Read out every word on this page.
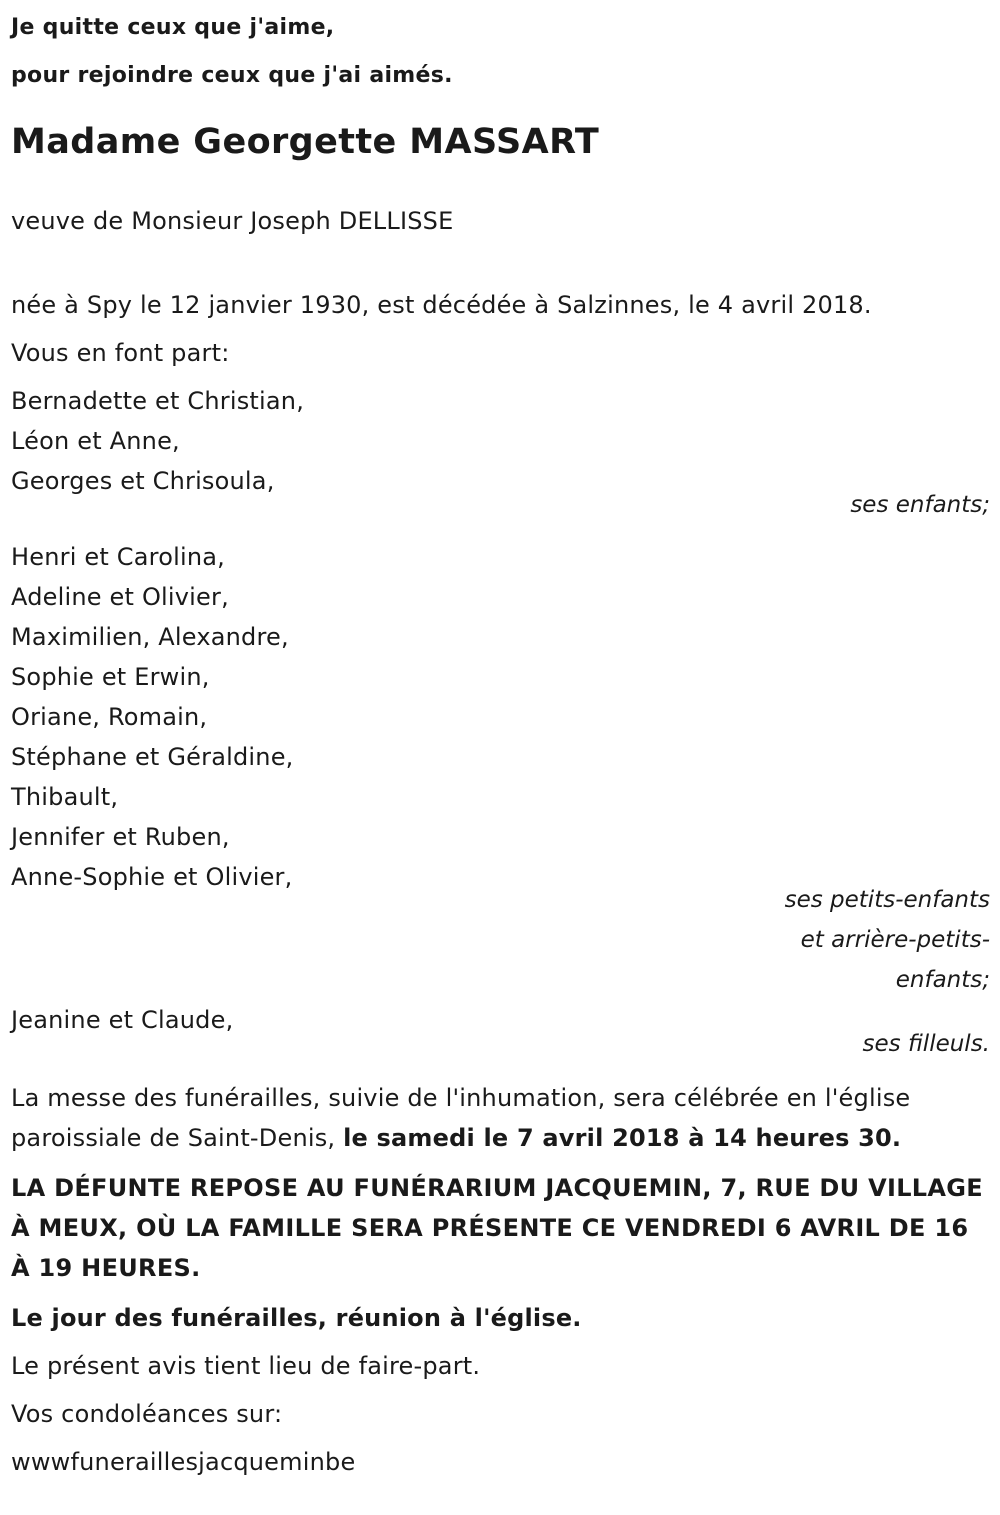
Je quitte ceux que j'aime,
pour rejoindre ceux que j'ai aimés.
Madame Georgette MASSART
veuve de Monsieur Joseph DELLISSE
née à Spy le 12 janvier 1930, est décédée à Salzinnes, le 4 avril 2018.
Vous en font part:
Bernadette et Christian,
Léon et Anne,
Georges et Chrisoula,
ses enfants;
Henri et Carolina,
Adeline et Olivier,
Maximilien, Alexandre,
Sophie et Erwin,
Oriane, Romain,
Stéphane et Géraldine,
Thibault,
Jennifer et Ruben,
Anne-Sophie et Olivier,
ses petits-enfants
et arrière-petits-
enfants;
Jeanine et Claude,
ses filleuls.
La messe des funérailles, suivie de l'inhumation, sera célébrée en l'église paroissiale de Saint-Denis, le samedi le 7 avril 2018 à 14 heures 30.
LA DÉFUNTE REPOSE AU FUNÉRARIUM JACQUEMIN, 7, RUE DU VILLAGE À MEUX, OÙ LA FAMILLE SERA PRÉSENTE CE VENDREDI 6 AVRIL DE 16 À 19 HEURES.
Le jour des funérailles, réunion à l'église.
Le présent avis tient lieu de faire-part.
Vos condoléances sur:
wwwfuneraillesjacqueminbe
